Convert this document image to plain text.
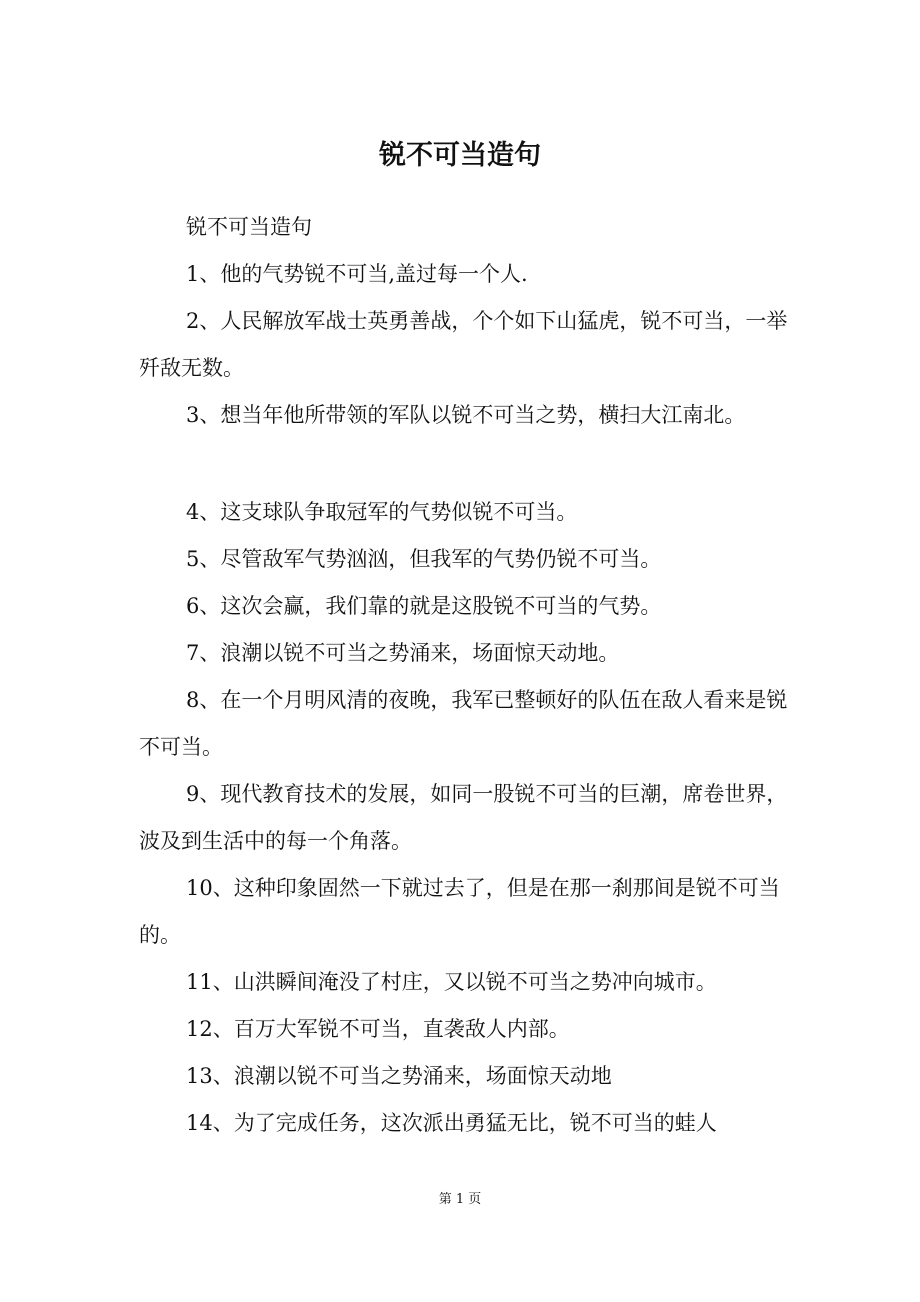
锐不可当造句

锐不可当造句

1、他的气势锐不可当,盖过每一个人.

2、人民解放军战士英勇善战，个个如下山猛虎，锐不可当，一举歼敌无数。

3、想当年他所带领的军队以锐不可当之势，横扫大江南北。

4、这支球队争取冠军的气势似锐不可当。

5、尽管敌军气势汹汹，但我军的气势仍锐不可当。

6、这次会赢，我们靠的就是这股锐不可当的气势。

7、浪潮以锐不可当之势涌来，场面惊天动地。

8、在一个月明风清的夜晚，我军已整顿好的队伍在敌人看来是锐不可当。

9、现代教育技术的发展，如同一股锐不可当的巨潮，席卷世界，波及到生活中的每一个角落。

10、这种印象固然一下就过去了，但是在那一刹那间是锐不可当的。

11、山洪瞬间淹没了村庄，又以锐不可当之势冲向城市。

12、百万大军锐不可当，直袭敌人内部。

13、浪潮以锐不可当之势涌来，场面惊天动地

14、为了完成任务，这次派出勇猛无比，锐不可当的蛙人

第 1 页
